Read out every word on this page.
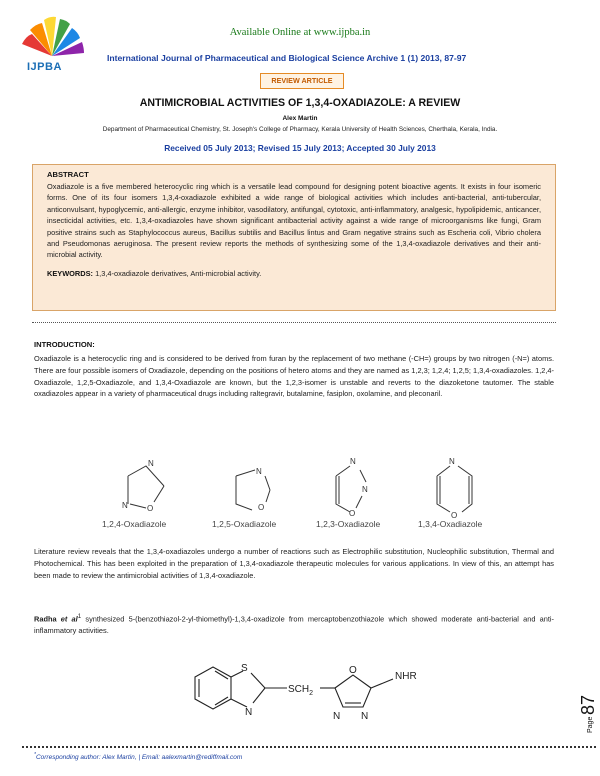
Available Online at www.ijpba.in
IJPBA
International Journal of Pharmaceutical and Biological Science Archive 1 (1) 2013, 87-97
REVIEW ARTICLE
ANTIMICROBIAL ACTIVITIES OF 1,3,4-OXADIAZOLE: A REVIEW
Alex Martin
Department of Pharmaceutical Chemistry, St. Joseph's College of Pharmacy, Kerala University of Health Sciences, Cherthala, Kerala, India.
Received 05 July 2013; Revised 15 July 2013; Accepted 30 July 2013
ABSTRACT
Oxadiazole is a five membered heterocyclic ring which is a versatile lead compound for designing potent bioactive agents. It exists in four isomeric forms. One of its four isomers 1,3,4-oxadiazole exhibited a wide range of biological activities which includes anti-bacterial, anti-tubercular, anticonvulsant, hypoglycemic, anti-allergic, enzyme inhibitor, vasodilatory, antifungal, cytotoxic, anti-inflammatory, analgesic, hypolipidemic, anticancer, insecticidal activities, etc. 1,3,4-oxadiazoles have shown significant antibacterial activity against a wide range of microorganisms like fungi, Gram positive strains such as Staphylococcus aureus, Bacillus subtilis and Bacillus lintus and Gram negative strains such as Escheria coli, Vibrio cholera and Pseudomonas aeruginosa. The present review reports the methods of synthesizing some of the 1,3,4-oxadiazole derivatives and their anti-microbial activity.
KEYWORDS: 1,3,4-oxadiazole derivatives, Anti-microbial activity.
INTRODUCTION:
Oxadiazole is a heterocyclic ring and is considered to be derived from furan by the replacement of two methane (-CH=) groups by two nitrogen (-N=) atoms. There are four possible isomers of Oxadiazole, depending on the positions of hetero atoms and they are named as 1,2,3; 1,2,4; 1,2,5; 1,3,4-oxadiazoles. 1,2,4-Oxadiazole, 1,2,5-Oxadiazole, and 1,3,4-Oxadiazole are known, but the 1,2,3-isomer is unstable and reverts to the diazoketone tautomer. The stable oxadiazoles appear in a variety of pharmaceutical drugs including raltegravir, butalamine, fasiplon, oxolamine, and pleconaril.
N
N O
N
O
N
N
O
N
O
1,2,4-Oxadiazole	1,2,5-Oxadiazole	1,2,3-Oxadiazole	1,3,4-Oxadiazole
Literature review reveals that the 1,3,4-oxadiazoles undergo a number of reactions such as Electrophilic substitution, Nucleophilic substitution, Thermal and Photochemical. This has been exploited in the preparation of 1,3,4-oxadiazole therapeutic molecules for various applications. In view of this, an attempt has been made to review the antimicrobial activities of 1,3,4-oxadiazole.
Radha et $al^1$ synthesized 5-(benzothiazol-2-yl-thiomethyl)-1,3,4-oxadizole from mercaptobenzothiazole which showed moderate anti-bacterial and anti-inflammatory activities.
S
N
$SCH_2$
O
N N
NHR
Page
87
*Corresponding author: Alex Martin, | Email: aalexmartin@rediffmail.com
